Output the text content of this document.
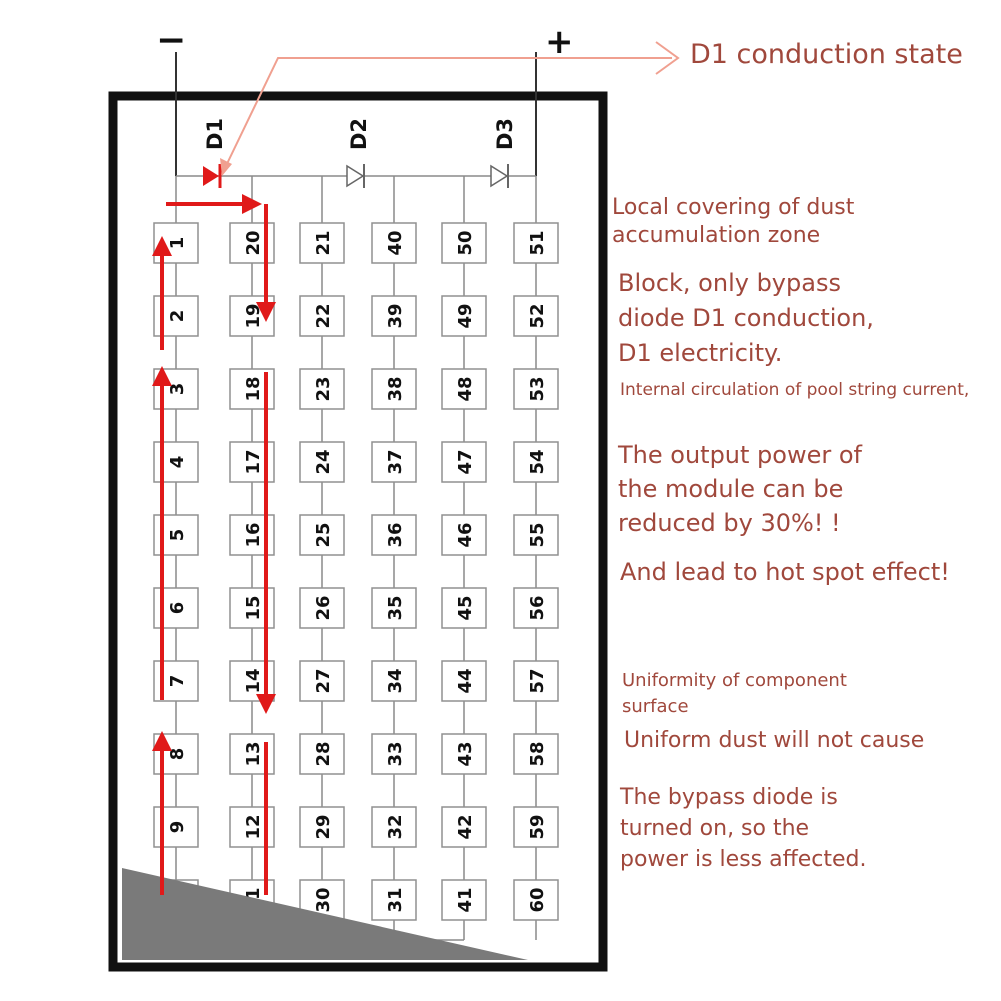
−	+
D1	D2	D3
1
2
3
4
5
6
7
8
9
20
19
18
17
16
15
14
13
12
21
22
23
24
25
26
27
28
29
30
40
39
38
37
36
35
34
33
32
31
50
49
48
47
46
45
44
43
42
41
51
52
53
54
55
56
57
58
59
60
D1 conduction state
Local covering of dust
accumulation zone
Block, only bypass
diode D1 conduction,
D1 electricity.
Internal circulation of pool string current,
The output power of
the module can be
reduced by 30%! !
And lead to hot spot effect!
Uniformity of component
surface
Uniform dust will not cause
The bypass diode is
turned on, so the
power is less affected.
